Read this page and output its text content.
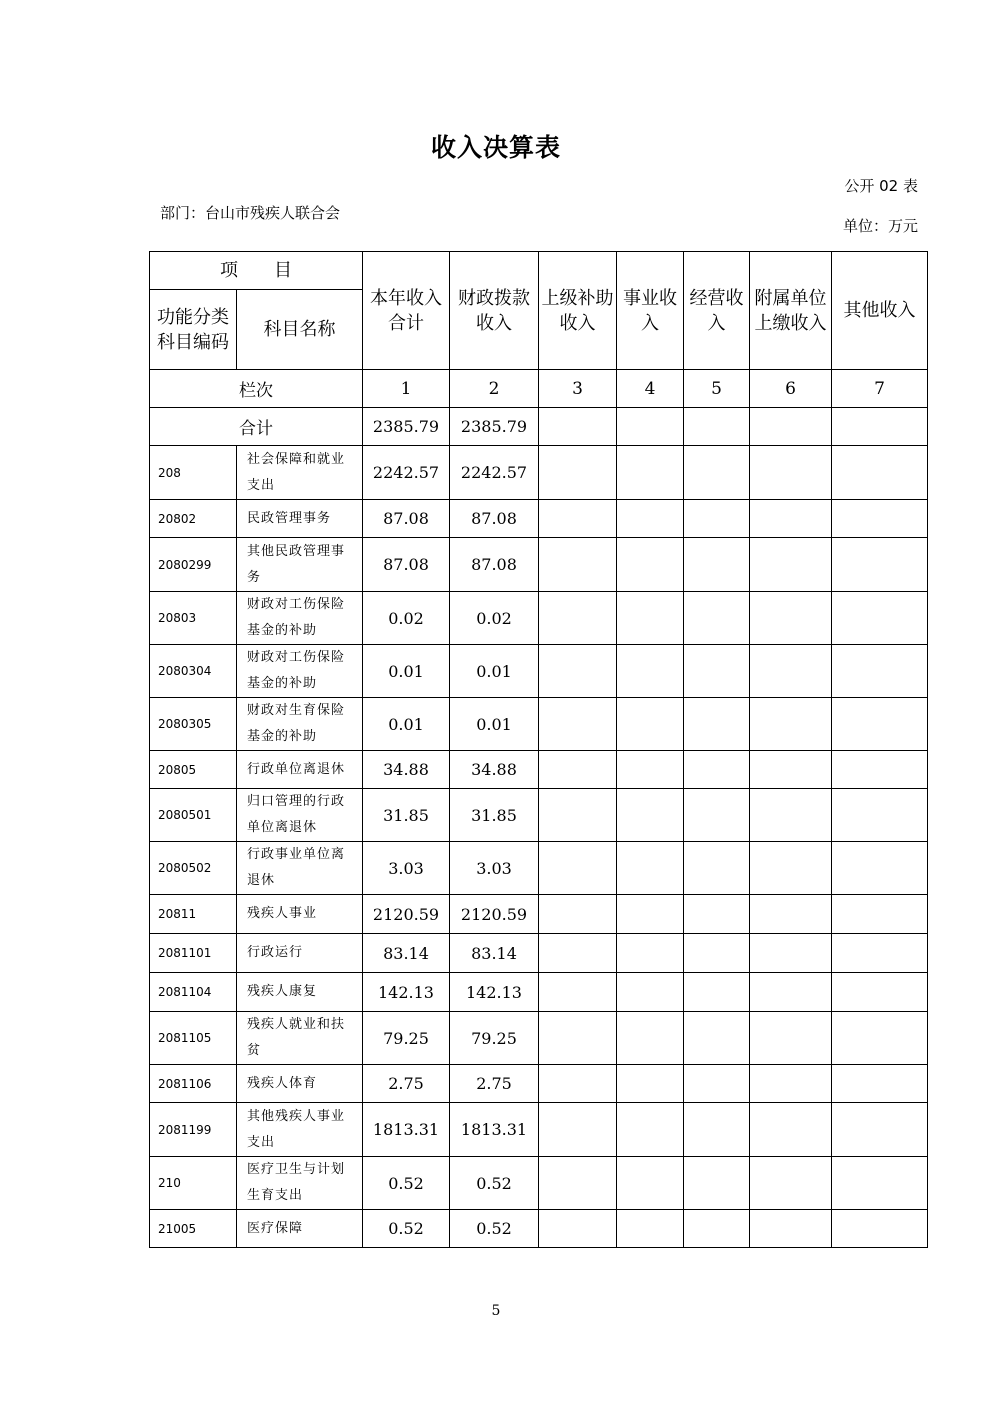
收入决算表
公开 02 表
部门：台山市残疾人联合会
单位：万元
项　　目		本年收入合计	财政拨款收入	上级补助收入	事业收入	经营收入	附属单位上缴收入	其他收入
功能分类科目编码	科目名称							
栏次		1	2	3	4	5	6	7
合计		2385.79	2385.79					
208	社会保障和就业支出	2242.57	2242.57					
20802	民政管理事务	87.08	87.08					
2080299	其他民政管理事务	87.08	87.08					
20803	财政对工伤保险基金的补助	0.02	0.02					
2080304	财政对工伤保险基金的补助	0.01	0.01					
2080305	财政对生育保险基金的补助	0.01	0.01					
20805	行政单位离退休	34.88	34.88					
2080501	归口管理的行政单位离退休	31.85	31.85					
2080502	行政事业单位离退休	3.03	3.03					
20811	残疾人事业	2120.59	2120.59					
2081101	行政运行	83.14	83.14					
2081104	残疾人康复	142.13	142.13					
2081105	残疾人就业和扶贫	79.25	79.25					
2081106	残疾人体育	2.75	2.75					
2081199	其他残疾人事业支出	1813.31	1813.31					
210	医疗卫生与计划生育支出	0.52	0.52					
21005	医疗保障	0.52	0.52					
5
